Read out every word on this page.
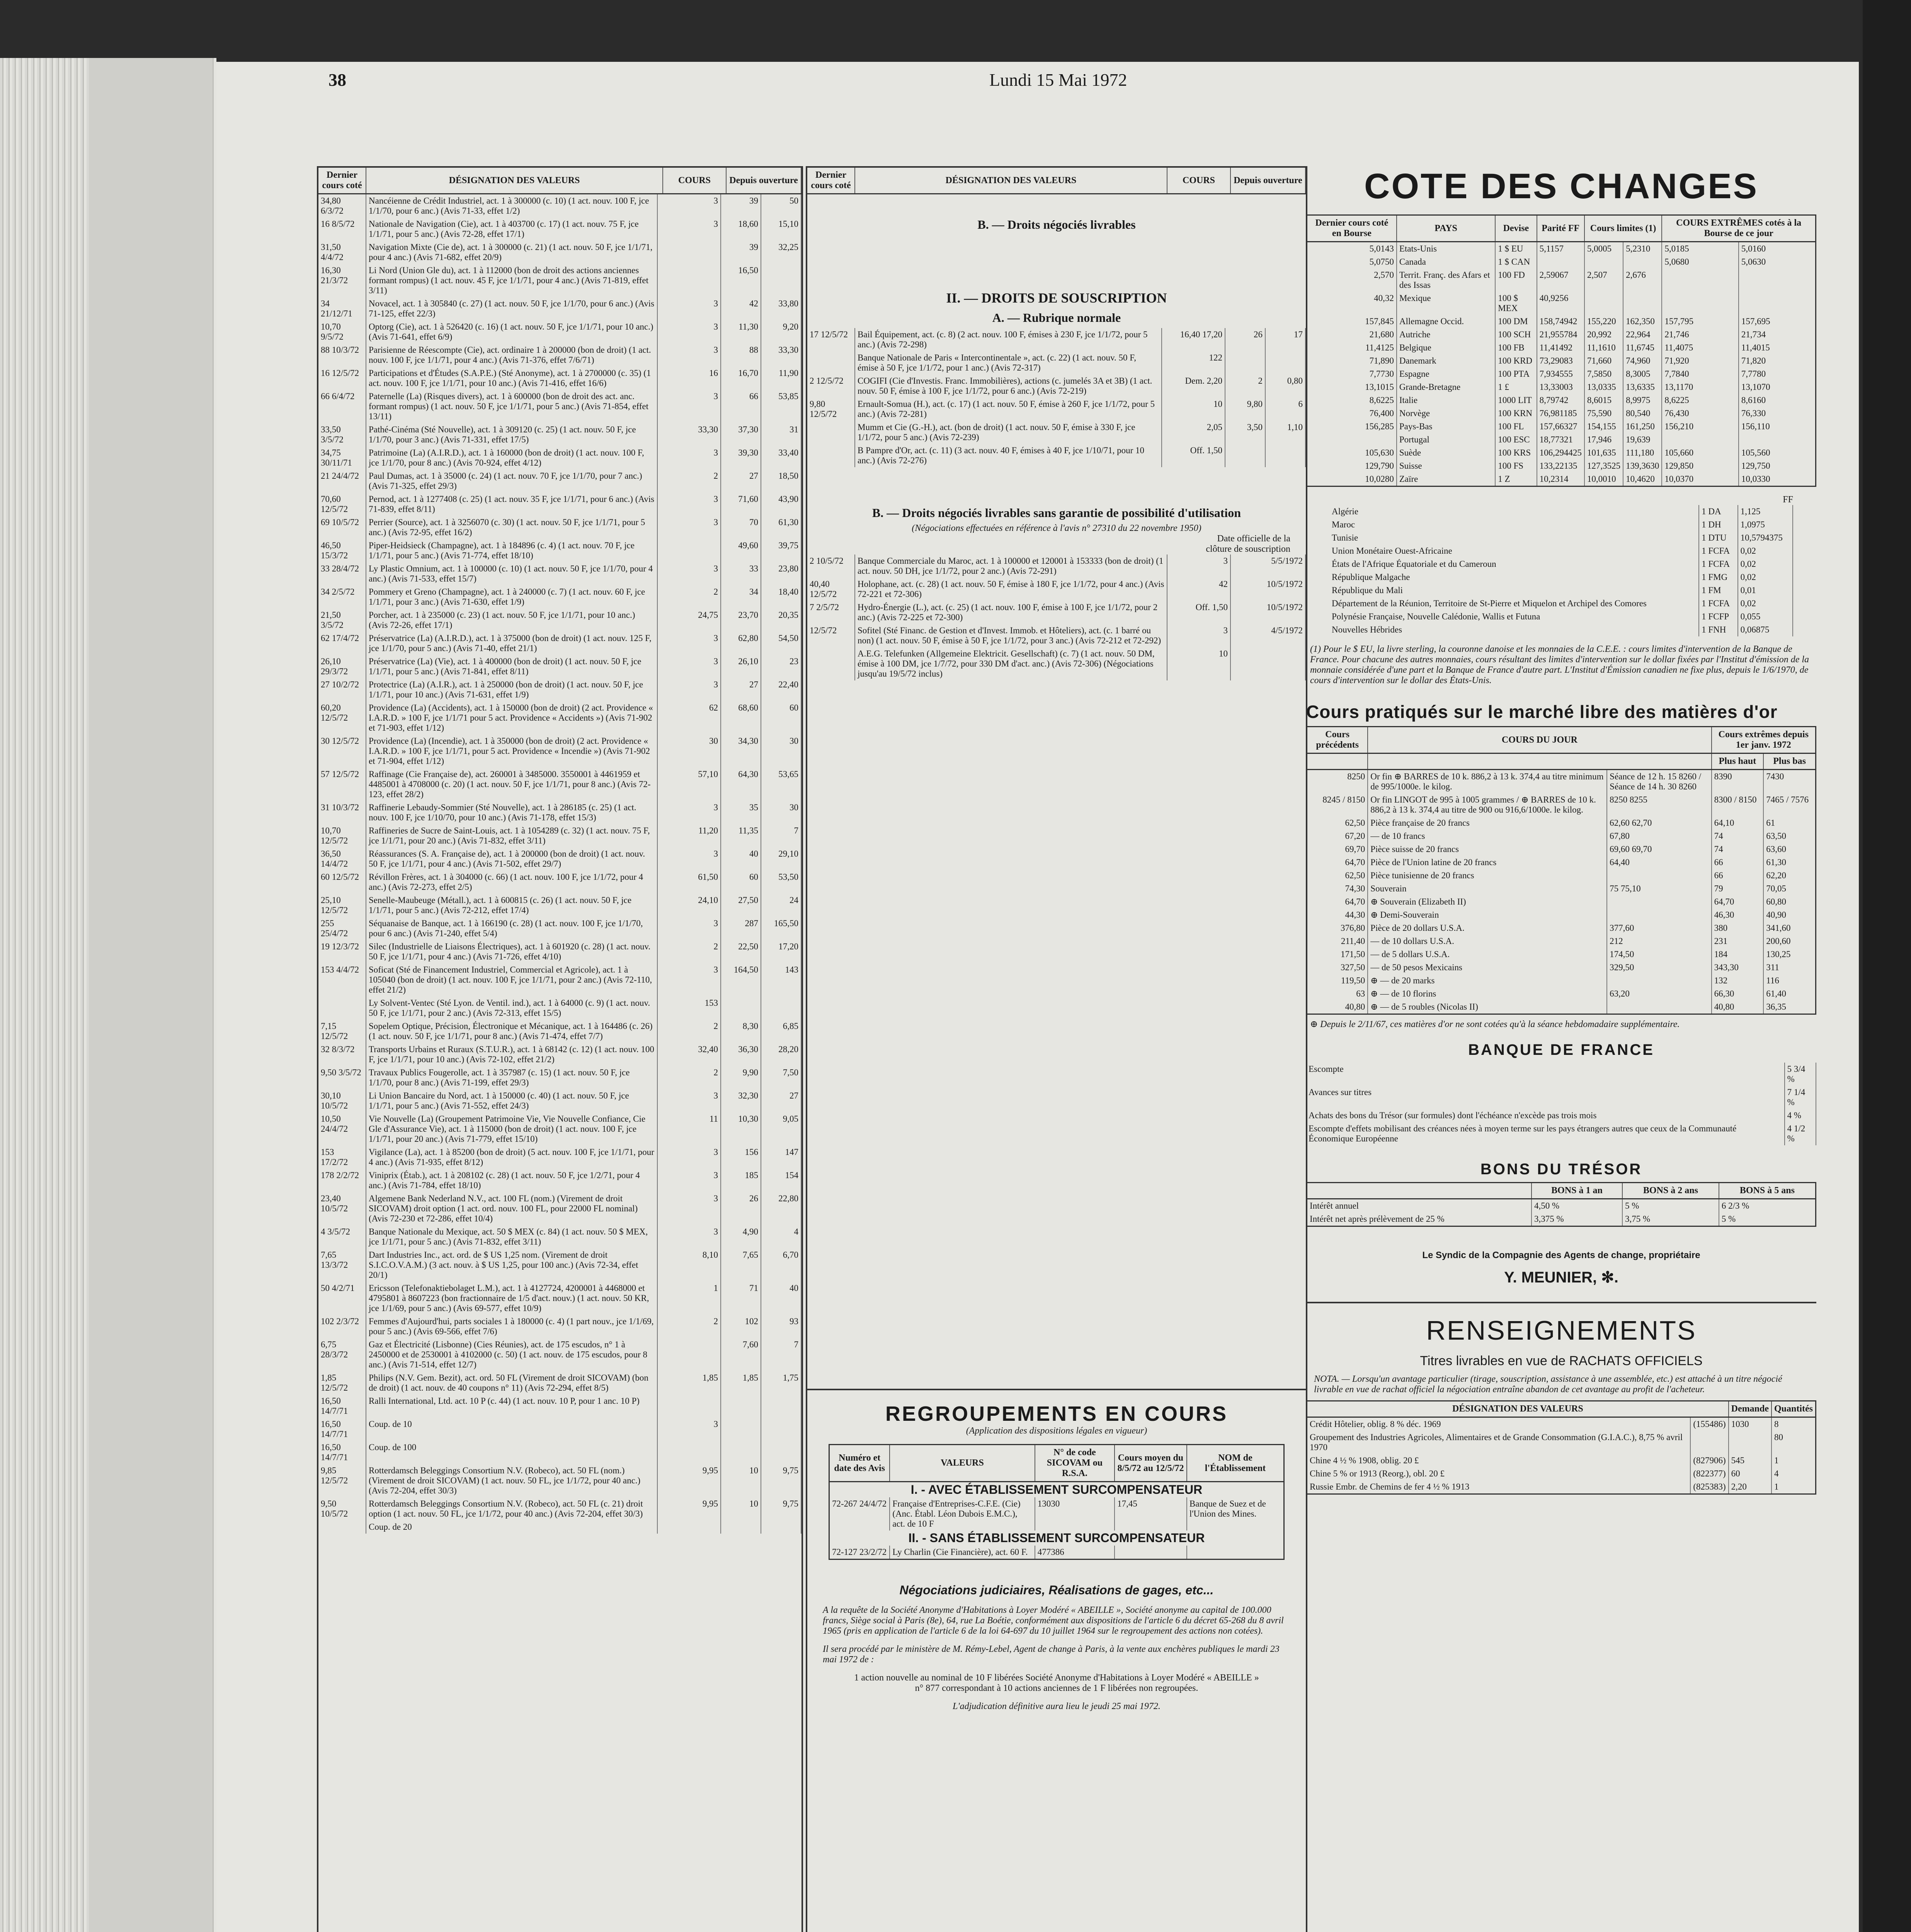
38	Lundi 15 Mai 1972
Dernier cours coté	DÉSIGNATION DES VALEURS	COURS	Depuis ouverture
34,80 6/3/72	Nancéienne de Crédit Industriel, act. 1 à 300000 (c. 10) (1 act. nouv. 100 F, jce 1/1/70, pour 6 anc.) (Avis 71-33, effet 1/2)	3	39	50
16 8/5/72	Nationale de Navigation (Cie), act. 1 à 403700 (c. 17) (1 act. nouv. 75 F, jce 1/1/71, pour 5 anc.) (Avis 72-28, effet 17/1)	3	18,60	15,10
31,50 4/4/72	Navigation Mixte (Cie de), act. 1 à 300000 (c. 21) (1 act. nouv. 50 F, jce 1/1/71, pour 4 anc.) (Avis 71-682, effet 20/9)		39	32,25
16,30 21/3/72	Li Nord (Union Gle du), act. 1 à 112000 (bon de droit des actions anciennes formant rompus) (1 act. nouv. 45 F, jce 1/1/71, pour 4 anc.) (Avis 71-819, effet 3/11)		16,50	
34 21/12/71	Novacel, act. 1 à 305840 (c. 27) (1 act. nouv. 50 F, jce 1/1/70, pour 6 anc.) (Avis 71-125, effet 22/3)	3	42	33,80
10,70 9/5/72	Optorg (Cie), act. 1 à 526420 (c. 16) (1 act. nouv. 50 F, jce 1/1/71, pour 10 anc.) (Avis 71-641, effet 6/9)	3	11,30	9,20
88 10/3/72	Parisienne de Réescompte (Cie), act. ordinaire 1 à 200000 (bon de droit) (1 act. nouv. 100 F, jce 1/1/71, pour 4 anc.) (Avis 71-376, effet 7/6/71)	3	88	33,30
16 12/5/72	Participations et d'Études (S.A.P.E.) (Sté Anonyme), act. 1 à 2700000 (c. 35) (1 act. nouv. 100 F, jce 1/1/71, pour 10 anc.) (Avis 71-416, effet 16/6)	16	16,70	11,90
66 6/4/72	Paternelle (La) (Risques divers), act. 1 à 600000 (bon de droit des act. anc. formant rompus) (1 act. nouv. 50 F, jce 1/1/71, pour 5 anc.) (Avis 71-854, effet 13/11)	3	66	53,85
33,50 3/5/72	Pathé-Cinéma (Sté Nouvelle), act. 1 à 309120 (c. 25) (1 act. nouv. 50 F, jce 1/1/70, pour 3 anc.) (Avis 71-331, effet 17/5)	33,30	37,30	31
34,75 30/11/71	Patrimoine (La) (A.I.R.D.), act. 1 à 160000 (bon de droit) (1 act. nouv. 100 F, jce 1/1/70, pour 8 anc.) (Avis 70-924, effet 4/12)	3	39,30	33,40
21 24/4/72	Paul Dumas, act. 1 à 35000 (c. 24) (1 act. nouv. 70 F, jce 1/1/70, pour 7 anc.) (Avis 71-325, effet 29/3)	2	27	18,50
70,60 12/5/72	Pernod, act. 1 à 1277408 (c. 25) (1 act. nouv. 35 F, jce 1/1/71, pour 6 anc.) (Avis 71-839, effet 8/11)	3	71,60	43,90
69 10/5/72	Perrier (Source), act. 1 à 3256070 (c. 30) (1 act. nouv. 50 F, jce 1/1/71, pour 5 anc.) (Avis 72-95, effet 16/2)	3	70	61,30
46,50 15/3/72	Piper-Heidsieck (Champagne), act. 1 à 184896 (c. 4) (1 act. nouv. 70 F, jce 1/1/71, pour 5 anc.) (Avis 71-774, effet 18/10)		49,60	39,75
33 28/4/72	Ly Plastic Omnium, act. 1 à 100000 (c. 10) (1 act. nouv. 50 F, jce 1/1/70, pour 4 anc.) (Avis 71-533, effet 15/7)	3	33	23,80
34 2/5/72	Pommery et Greno (Champagne), act. 1 à 240000 (c. 7) (1 act. nouv. 60 F, jce 1/1/71, pour 3 anc.) (Avis 71-630, effet 1/9)	2	34	18,40
21,50 3/5/72	Porcher, act. 1 à 235000 (c. 23) (1 act. nouv. 50 F, jce 1/1/71, pour 10 anc.) (Avis 72-26, effet 17/1)	24,75	23,70	20,35
62 17/4/72	Préservatrice (La) (A.I.R.D.), act. 1 à 375000 (bon de droit) (1 act. nouv. 125 F, jce 1/1/70, pour 5 anc.) (Avis 71-40, effet 21/1)	3	62,80	54,50
26,10 29/3/72	Préservatrice (La) (Vie), act. 1 à 400000 (bon de droit) (1 act. nouv. 50 F, jce 1/1/71, pour 5 anc.) (Avis 71-841, effet 8/11)	3	26,10	23
27 10/2/72	Protectrice (La) (A.I.R.), act. 1 à 250000 (bon de droit) (1 act. nouv. 50 F, jce 1/1/71, pour 10 anc.) (Avis 71-631, effet 1/9)	3	27	22,40
60,20 12/5/72	Providence (La) (Accidents), act. 1 à 150000 (bon de droit) (2 act. Providence « I.A.R.D. » 100 F, jce 1/1/71 pour 5 act. Providence « Accidents ») (Avis 71-902 et 71-903, effet 1/12)	62	68,60	60
30 12/5/72	Providence (La) (Incendie), act. 1 à 350000 (bon de droit) (2 act. Providence « I.A.R.D. » 100 F, jce 1/1/71, pour 5 act. Providence « Incendie ») (Avis 71-902 et 71-904, effet 1/12)	30	34,30	30
57 12/5/72	Raffinage (Cie Française de), act. 260001 à 3485000. 3550001 à 4461959 et 4485001 à 4708000 (c. 20) (1 act. nouv. 50 F, jce 1/1/71, pour 8 anc.) (Avis 72-123, effet 28/2)	57,10	64,30	53,65
31 10/3/72	Raffinerie Lebaudy-Sommier (Sté Nouvelle), act. 1 à 286185 (c. 25) (1 act. nouv. 100 F, jce 1/10/70, pour 10 anc.) (Avis 71-178, effet 15/3)	3	35	30
10,70 12/5/72	Raffineries de Sucre de Saint-Louis, act. 1 à 1054289 (c. 32) (1 act. nouv. 75 F, jce 1/1/71, pour 20 anc.) (Avis 71-832, effet 3/11)	11,20	11,35	7
36,50 14/4/72	Réassurances (S. A. Française de), act. 1 à 200000 (bon de droit) (1 act. nouv. 50 F, jce 1/1/71, pour 4 anc.) (Avis 71-502, effet 29/7)	3	40	29,10
60 12/5/72	Révillon Frères, act. 1 à 304000 (c. 66) (1 act. nouv. 100 F, jce 1/1/72, pour 4 anc.) (Avis 72-273, effet 2/5)	61,50	60	53,50
25,10 12/5/72	Senelle-Maubeuge (Métall.), act. 1 à 600815 (c. 26) (1 act. nouv. 50 F, jce 1/1/71, pour 5 anc.) (Avis 72-212, effet 17/4)	24,10	27,50	24
255 25/4/72	Séquanaise de Banque, act. 1 à 166190 (c. 28) (1 act. nouv. 100 F, jce 1/1/70, pour 6 anc.) (Avis 71-240, effet 5/4)	3	287	165,50
19 12/3/72	Silec (Industrielle de Liaisons Électriques), act. 1 à 601920 (c. 28) (1 act. nouv. 50 F, jce 1/1/71, pour 4 anc.) (Avis 71-726, effet 4/10)	2	22,50	17,20
153 4/4/72	Soficat (Sté de Financement Industriel, Commercial et Agricole), act. 1 à 105040 (bon de droit) (1 act. nouv. 100 F, jce 1/1/71, pour 2 anc.) (Avis 72-110, effet 21/2)	3	164,50	143
	Ly Solvent-Ventec (Sté Lyon. de Ventil. ind.), act. 1 à 64000 (c. 9) (1 act. nouv. 50 F, jce 1/1/71, pour 2 anc.) (Avis 72-313, effet 15/5)	153		
7,15 12/5/72	Sopelem Optique, Précision, Électronique et Mécanique, act. 1 à 164486 (c. 26) (1 act. nouv. 50 F, jce 1/1/71, pour 8 anc.) (Avis 71-474, effet 7/7)	2	8,30	6,85
32 8/3/72	Transports Urbains et Ruraux (S.T.U.R.), act. 1 à 68142 (c. 12) (1 act. nouv. 100 F, jce 1/1/71, pour 10 anc.) (Avis 72-102, effet 21/2)	32,40	36,30	28,20
9,50 3/5/72	Travaux Publics Fougerolle, act. 1 à 357987 (c. 15) (1 act. nouv. 50 F, jce 1/1/70, pour 8 anc.) (Avis 71-199, effet 29/3)	2	9,90	7,50
30,10 10/5/72	Li Union Bancaire du Nord, act. 1 à 150000 (c. 40) (1 act. nouv. 50 F, jce 1/1/71, pour 5 anc.) (Avis 71-552, effet 24/3)	3	32,30	27
10,50 24/4/72	Vie Nouvelle (La) (Groupement Patrimoine Vie, Vie Nouvelle Confiance, Cie Gle d'Assurance Vie), act. 1 à 115000 (bon de droit) (1 act. nouv. 100 F, jce 1/1/71, pour 20 anc.) (Avis 71-779, effet 15/10)	11	10,30	9,05
153 17/2/72	Vigilance (La), act. 1 à 85200 (bon de droit) (5 act. nouv. 100 F, jce 1/1/71, pour 4 anc.) (Avis 71-935, effet 8/12)	3	156	147
178 2/2/72	Viniprix (Étab.), act. 1 à 208102 (c. 28) (1 act. nouv. 50 F, jce 1/2/71, pour 4 anc.) (Avis 71-784, effet 18/10)	3	185	154
23,40 10/5/72	Algemene Bank Nederland N.V., act. 100 FL (nom.) (Virement de droit SICOVAM) droit option (1 act. ord. nouv. 100 FL, pour 22000 FL nominal) (Avis 72-230 et 72-286, effet 10/4)	3	26	22,80
4 3/5/72	Banque Nationale du Mexique, act. 50 $ MEX (c. 84) (1 act. nouv. 50 $ MEX, jce 1/1/71, pour 5 anc.) (Avis 71-832, effet 3/11)	3	4,90	4
7,65 13/3/72	Dart Industries Inc., act. ord. de $ US 1,25 nom. (Virement de droit S.I.C.O.V.A.M.) (3 act. nouv. à $ US 1,25, pour 100 anc.) (Avis 72-34, effet 20/1)	8,10	7,65	6,70
50 4/2/71	Ericsson (Telefonaktiebolaget L.M.), act. 1 à 4127724, 4200001 à 4468000 et 4795801 à 8607223 (bon fractionnaire de 1/5 d'act. nouv.) (1 act. nouv. 50 KR, jce 1/1/69, pour 5 anc.) (Avis 69-577, effet 10/9)	1	71	40
102 2/3/72	Femmes d'Aujourd'hui, parts sociales 1 à 180000 (c. 4) (1 part nouv., jce 1/1/69, pour 5 anc.) (Avis 69-566, effet 7/6)	2	102	93
6,75 28/3/72	Gaz et Électricité (Lisbonne) (Cies Réunies), act. de 175 escudos, n° 1 à 2450000 et de 2530001 à 4102000 (c. 50) (1 act. nouv. de 175 escudos, pour 8 anc.) (Avis 71-514, effet 12/7)		7,60	7
1,85 12/5/72	Philips (N.V. Gem. Bezit), act. ord. 50 FL (Virement de droit SICOVAM) (bon de droit) (1 act. nouv. de 40 coupons n° 11) (Avis 72-294, effet 8/5)	1,85	1,85	1,75
16,50 14/7/71	Ralli International, Ltd. act. 10 P (c. 44) (1 act. nouv. 10 P, pour 1 anc. 10 P)			
16,50 14/7/71	Coup. de 10	3		
16,50 14/7/71	Coup. de 100			
9,85 12/5/72	Rotterdamsch Beleggings Consortium N.V. (Robeco), act. 50 FL (nom.) (Virement de droit SICOVAM) (1 act. nouv. 50 FL, jce 1/1/72, pour 40 anc.) (Avis 72-204, effet 30/3)	9,95	10	9,75
9,50 10/5/72	Rotterdamsch Beleggings Consortium N.V. (Robeco), act. 50 FL (c. 21) droit option (1 act. nouv. 50 FL, jce 1/1/72, pour 40 anc.) (Avis 72-204, effet 30/3)	9,95	10	9,75
	Coup. de 20			
Dernier cours coté	DÉSIGNATION DES VALEURS	COURS	Depuis ouverture
B. — Droits négociés livrables
II. — DROITS DE SOUSCRIPTION
A. — Rubrique normale
17 12/5/72	Bail Équipement, act. (c. 8) (2 act. nouv. 100 F, émises à 230 F, jce 1/1/72, pour 5 anc.) (Avis 72-298)	16,40 17,20	26	17
	Banque Nationale de Paris « Intercontinentale », act. (c. 22) (1 act. nouv. 50 F, émise à 50 F, jce 1/1/72, pour 1 anc.) (Avis 72-317)	122		
2 12/5/72	COGIFI (Cie d'Investis. Franc. Immobilières), actions (c. jumelés 3A et 3B) (1 act. nouv. 50 F, émise à 100 F, jce 1/1/72, pour 6 anc.) (Avis 72-219)	Dem. 2,20	2	0,80
9,80 12/5/72	Ernault-Somua (H.), act. (c. 17) (1 act. nouv. 50 F, émise à 260 F, jce 1/1/72, pour 5 anc.) (Avis 72-281)	10	9,80	6
	Mumm et Cie (G.-H.), act. (bon de droit) (1 act. nouv. 50 F, émise à 330 F, jce 1/1/72, pour 5 anc.) (Avis 72-239)	2,05	3,50	1,10
	B Pampre d'Or, act. (c. 11) (3 act. nouv. 40 F, émises à 40 F, jce 1/10/71, pour 10 anc.) (Avis 72-276)	Off. 1,50		
B. — Droits négociés livrables sans garantie de possibilité d'utilisation
(Négociations effectuées en référence à l'avis n° 27310 du 22 novembre 1950)
Date officielle de la clôture de souscription
2 10/5/72	Banque Commerciale du Maroc, act. 1 à 100000 et 120001 à 153333 (bon de droit) (1 act. nouv. 50 DH, jce 1/1/72, pour 2 anc.) (Avis 72-291)	3	5/5/1972
40,40 12/5/72	Holophane, act. (c. 28) (1 act. nouv. 50 F, émise à 180 F, jce 1/1/72, pour 4 anc.) (Avis 72-221 et 72-306)	42	10/5/1972
7 2/5/72	Hydro-Énergie (L.), act. (c. 25) (1 act. nouv. 100 F, émise à 100 F, jce 1/1/72, pour 2 anc.) (Avis 72-225 et 72-300)	Off. 1,50	10/5/1972
12/5/72	Sofitel (Sté Financ. de Gestion et d'Invest. Immob. et Hôteliers), act. (c. 1 barré ou non) (1 act. nouv. 50 F, émise à 50 F, jce 1/1/72, pour 3 anc.) (Avis 72-212 et 72-292)	3	4/5/1972
	A.E.G. Telefunken (Allgemeine Elektricit. Gesellschaft) (c. 7) (1 act. nouv. 50 DM, émise à 100 DM, jce 1/7/72, pour 330 DM d'act. anc.) (Avis 72-306) (Négociations jusqu'au 19/5/72 inclus)	10	
REGROUPEMENTS EN COURS
(Application des dispositions légales en vigueur)
Numéro et date des Avis	VALEURS	N° de code SICOVAM ou R.S.A.	Cours moyen du 8/5/72 au 12/5/72	NOM de l'Établissement
I. - AVEC ÉTABLISSEMENT SURCOMPENSATEUR				
72-267 24/4/72	Française d'Entreprises-C.F.E. (Cie) (Anc. Établ. Léon Dubois E.M.C.), act. de 10 F	13030	17,45	Banque de Suez et de l'Union des Mines.
II. - SANS ÉTABLISSEMENT SURCOMPENSATEUR				
72-127 23/2/72	Ly Charlin (Cie Financière), act. 60 F.	477386		
Négociations judiciaires, Réalisations de gages, etc...
A la requête de la Société Anonyme d'Habitations à Loyer Modéré « ABEILLE », Société anonyme au capital de 100.000 francs, Siège social à Paris (8e), 64, rue La Boétie, conformément aux dispositions de l'article 6 du décret 65-268 du 8 avril 1965 (pris en application de l'article 6 de la loi 64-697 du 10 juillet 1964 sur le regroupement des actions non cotées).
Il sera procédé par le ministère de M. Rémy-Lebel, Agent de change à Paris, à la vente aux enchères publiques le mardi 23 mai 1972 de :
1 action nouvelle au nominal de 10 F libérées Société Anonyme d'Habitations à Loyer Modéré « ABEILLE » n° 877 correspondant à 10 actions anciennes de 1 F libérées non regroupées.
L'adjudication définitive aura lieu le jeudi 25 mai 1972.
COTE DES CHANGES
Dernier cours coté en Bourse	PAYS	Devise	Parité FF	Cours limites (1)		COURS EXTRÊMES cotés à la Bourse de ce jour	
5,0143	Etats-Unis	1 $ EU	5,1157	5,0005	5,2310	5,0185	5,0160
5,0750	Canada	1 $ CAN				5,0680	5,0630
2,570	Territ. Franç. des Afars et des Issas	100 FD	2,59067	2,507	2,676		
40,32	Mexique	100 $ MEX	40,9256				
157,845	Allemagne Occid.	100 DM	158,74942	155,220	162,350	157,795	157,695
21,680	Autriche	100 SCH	21,955784	20,992	22,964	21,746	21,734
11,4125	Belgique	100 FB	11,41492	11,1610	11,6745	11,4075	11,4015
71,890	Danemark	100 KRD	73,29083	71,660	74,960	71,920	71,820
7,7730	Espagne	100 PTA	7,934555	7,5850	8,3005	7,7840	7,7780
13,1015	Grande-Bretagne	1 £	13,33003	13,0335	13,6335	13,1170	13,1070
8,6225	Italie	1000 LIT	8,79742	8,6015	8,9975	8,6225	8,6160
76,400	Norvège	100 KRN	76,981185	75,590	80,540	76,430	76,330
156,285	Pays-Bas	100 FL	157,66327	154,155	161,250	156,210	156,110
	Portugal	100 ESC	18,77321	17,946	19,639		
105,630	Suède	100 KRS	106,294425	101,635	111,180	105,660	105,560
129,790	Suisse	100 FS	133,22135	127,3525	139,3630	129,850	129,750
10,0280	Zaïre	1 Z	10,2314	10,0010	10,4620	10,0370	10,0330
FF
Algérie	1 DA	1,125
Maroc	1 DH	1,0975
Tunisie	1 DTU	10,5794375
Union Monétaire Ouest-Africaine	1 FCFA	0,02
États de l'Afrique Équatoriale et du Cameroun	1 FCFA	0,02
République Malgache	1 FMG	0,02
République du Mali	1 FM	0,01
Département de la Réunion, Territoire de St-Pierre et Miquelon et Archipel des Comores	1 FCFA	0,02
Polynésie Française, Nouvelle Calédonie, Wallis et Futuna	1 FCFP	0,055
Nouvelles Hébrides	1 FNH	0,06875
(1) Pour le $ EU, la livre sterling, la couronne danoise et les monnaies de la C.E.E. : cours limites d'intervention de la Banque de France. Pour chacune des autres monnaies, cours résultant des limites d'intervention sur le dollar fixées par l'Institut d'émission de la monnaie considérée d'une part et la Banque de France d'autre part. L'Institut d'Émission canadien ne fixe plus, depuis le 1/6/1970, de cours d'intervention sur le dollar des États-Unis.
Cours pratiqués sur le marché libre des matières d'or
Cours précédents	COURS DU JOUR		Cours extrêmes depuis 1er janv. 1972	
			Plus haut	Plus bas
8250	Or fin ⊕ BARRES de 10 k. 886,2 à 13 k. 374,4 au titre minimum de 995/1000e. le kilog.	Séance de 12 h. 15 8260 / Séance de 14 h. 30 8260	8390	7430
8245 / 8150	Or fin LINGOT de 995 à 1005 grammes / ⊕ BARRES de 10 k. 886,2 à 13 k. 374,4 au titre de 900 ou 916,6/1000e. le kilog.	8250 8255	8300 / 8150	7465 / 7576
62,50	Pièce française de 20 francs	62,60 62,70	64,10	61
67,20	— de 10 francs	67,80	74	63,50
69,70	Pièce suisse de 20 francs	69,60 69,70	74	63,60
64,70	Pièce de l'Union latine de 20 francs	64,40	66	61,30
62,50	Pièce tunisienne de 20 francs		66	62,20
74,30	Souverain	75 75,10	79	70,05
64,70	⊕ Souverain (Elizabeth II)		64,70	60,80
44,30	⊕ Demi-Souverain		46,30	40,90
376,80	Pièce de 20 dollars U.S.A.	377,60	380	341,60
211,40	— de 10 dollars U.S.A.	212	231	200,60
171,50	— de 5 dollars U.S.A.	174,50	184	130,25
327,50	— de 50 pesos Mexicains	329,50	343,30	311
119,50	⊕ — de 20 marks		132	116
63	⊕ — de 10 florins	63,20	66,30	61,40
40,80	⊕ — de 5 roubles (Nicolas II)		40,80	36,35
⊕ Depuis le 2/11/67, ces matières d'or ne sont cotées qu'à la séance hebdomadaire supplémentaire.
BANQUE DE FRANCE
Escompte	5 3/4 %
Avances sur titres	7 1/4 %
Achats des bons du Trésor (sur formules) dont l'échéance n'excède pas trois mois	4 %
Escompte d'effets mobilisant des créances nées à moyen terme sur les pays étrangers autres que ceux de la Communauté Économique Européenne	4 1/2 %
BONS DU TRÉSOR
	BONS à 1 an	BONS à 2 ans	BONS à 5 ans
Intérêt annuel	4,50 %	5 %	6 2/3 %
Intérêt net après prélèvement de 25 %	3,375 %	3,75 %	5 %
Le Syndic de la Compagnie des Agents de change, propriétaire
Y. MEUNIER, ✻.
RENSEIGNEMENTS
Titres livrables en vue de RACHATS OFFICIELS
NOTA. — Lorsqu'un avantage particulier (tirage, souscription, assistance à une assemblée, etc.) est attaché à un titre négocié livrable en vue de rachat officiel la négociation entraîne abandon de cet avantage au profit de l'acheteur.
DÉSIGNATION DES VALEURS		Demande	Quantités
Crédit Hôtelier, oblig. 8 % déc. 1969	(155486)	1030	8
Groupement des Industries Agricoles, Alimentaires et de Grande Consommation (G.I.A.C.), 8,75 % avril 1970			80
Chine 4 ½ % 1908, oblig. 20 £	(827906)	545	1
Chine 5 % or 1913 (Reorg.), obl. 20 £	(822377)	60	4
Russie Embr. de Chemins de fer 4 ½ % 1913	(825383)	2,20	1
